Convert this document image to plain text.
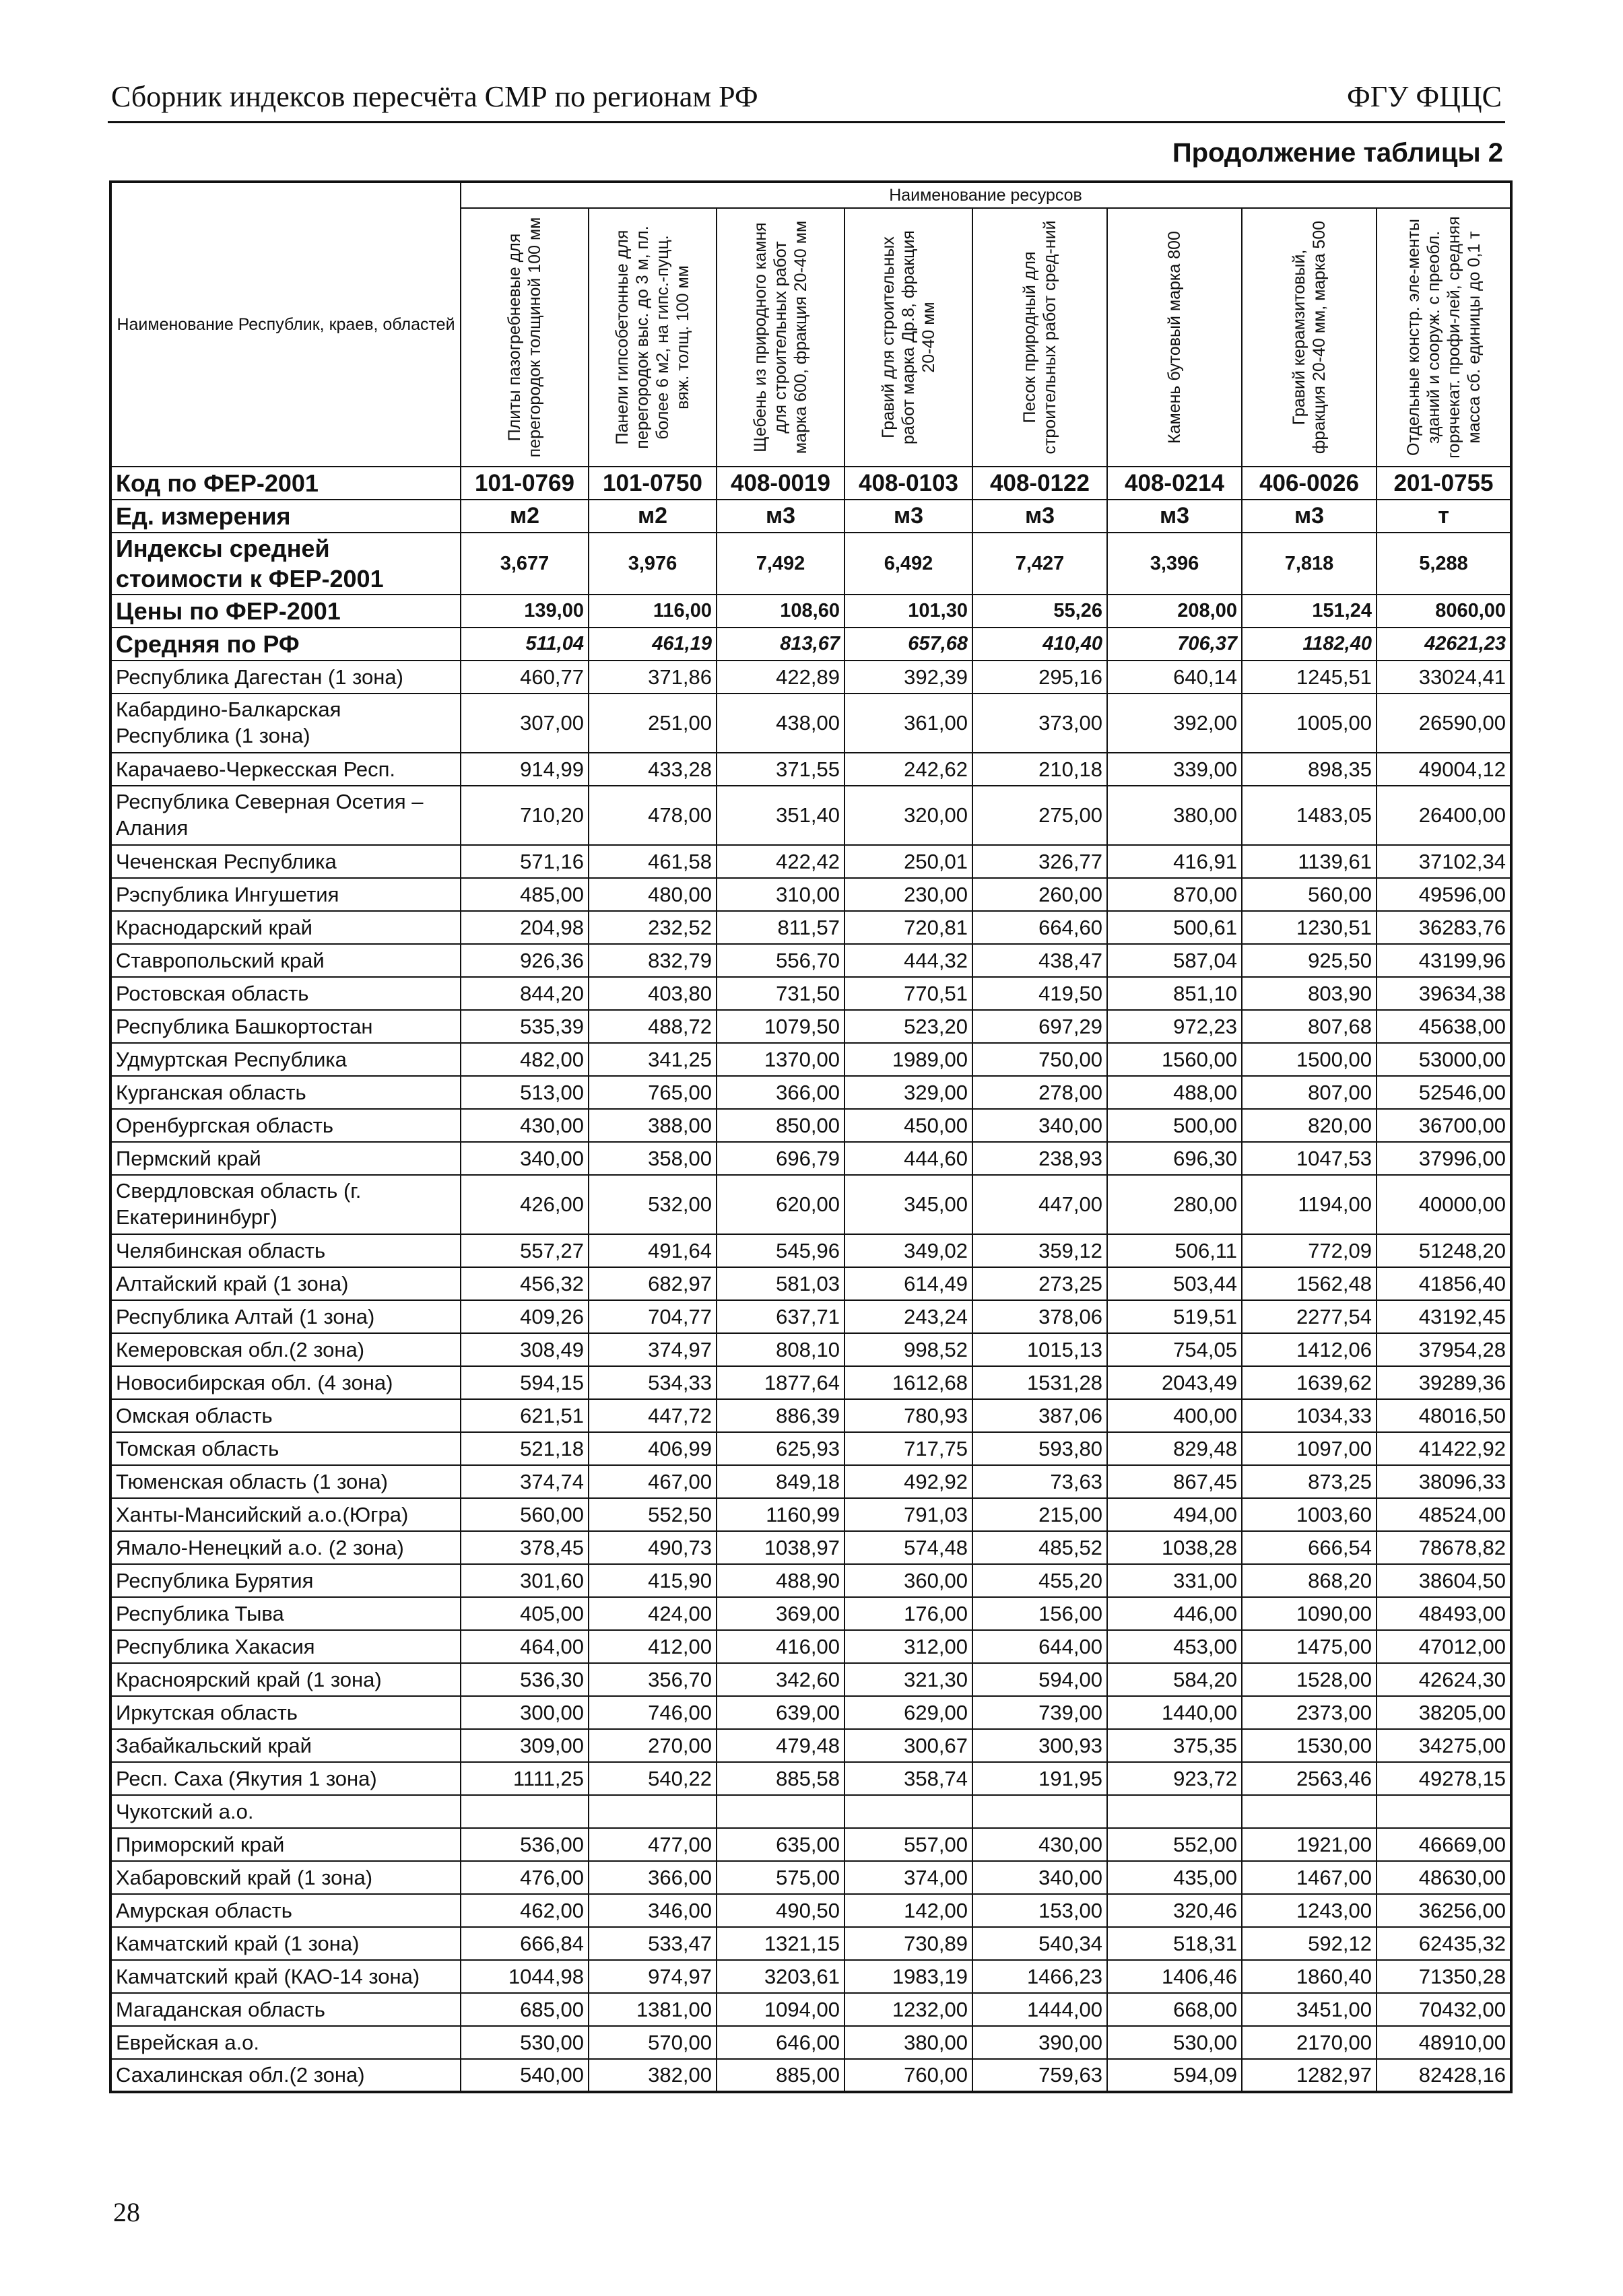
Сборник индексов пересчёта СМР по регионам РФ	ФГУ ФЦЦС
Продолжение таблицы 2
Наименование Республик, краев, областей	Наименование ресурсов							

	Плиты пазогребневые для перегородок толщиной 100 мм	Панели гипсобетонные для перегородок выс. до 3 м, пл. более 6 м2, на гипс.-пуцц. вяж. толщ. 100 мм	Щебень из природного камня для строительных работ марка 600, фракция 20-40 мм	Гравий для строительных работ марка Др.8, фракция 20-40 мм	Песок природный для строительных работ сред-ний	Камень бутовый марка 800	Гравий керамзитовый, фракция 20-40 мм, марка 500	Отдельные констр. эле-менты зданий и сооруж. с преобл. горячекат. профи-лей, средняя масса сб. единицы до 0,1 т

Код по ФЕР-2001	101-0769	101-0750	408-0019	408-0103	408-0122	408-0214	406-0026	201-0755
Ед. измерения	м2	м2	м3	м3	м3	м3	м3	т
Индексы средней стоимости к ФЕР-2001	3,677	3,976	7,492	6,492	7,427	3,396	7,818	5,288
Цены по ФЕР-2001	139,00	116,00	108,60	101,30	55,26	208,00	151,24	8060,00
Средняя по РФ	511,04	461,19	813,67	657,68	410,40	706,37	1182,40	42621,23
Республика Дагестан (1 зона)	460,77	371,86	422,89	392,39	295,16	640,14	1245,51	33024,41
Кабардино-Балкарская Республика (1 зона)	307,00	251,00	438,00	361,00	373,00	392,00	1005,00	26590,00
Карачаево-Черкесская Респ.	914,99	433,28	371,55	242,62	210,18	339,00	898,35	49004,12
Республика Северная Осетия – Алания	710,20	478,00	351,40	320,00	275,00	380,00	1483,05	26400,00
Чеченская Республика	571,16	461,58	422,42	250,01	326,77	416,91	1139,61	37102,34
Рэспублика Ингушетия	485,00	480,00	310,00	230,00	260,00	870,00	560,00	49596,00
Краснодарский край	204,98	232,52	811,57	720,81	664,60	500,61	1230,51	36283,76
Ставропольский край	926,36	832,79	556,70	444,32	438,47	587,04	925,50	43199,96
Ростовская область	844,20	403,80	731,50	770,51	419,50	851,10	803,90	39634,38
Республика Башкортостан	535,39	488,72	1079,50	523,20	697,29	972,23	807,68	45638,00
Удмуртская Республика	482,00	341,25	1370,00	1989,00	750,00	1560,00	1500,00	53000,00
Курганская область	513,00	765,00	366,00	329,00	278,00	488,00	807,00	52546,00
Оренбургская область	430,00	388,00	850,00	450,00	340,00	500,00	820,00	36700,00
Пермский край	340,00	358,00	696,79	444,60	238,93	696,30	1047,53	37996,00
Свердловская область (г. Екатерининбург)	426,00	532,00	620,00	345,00	447,00	280,00	1194,00	40000,00
Челябинская область	557,27	491,64	545,96	349,02	359,12	506,11	772,09	51248,20
Алтайский край (1 зона)	456,32	682,97	581,03	614,49	273,25	503,44	1562,48	41856,40
Республика Алтай (1 зона)	409,26	704,77	637,71	243,24	378,06	519,51	2277,54	43192,45
Кемеровская обл.(2 зона)	308,49	374,97	808,10	998,52	1015,13	754,05	1412,06	37954,28
Новосибирская обл. (4 зона)	594,15	534,33	1877,64	1612,68	1531,28	2043,49	1639,62	39289,36
Омская область	621,51	447,72	886,39	780,93	387,06	400,00	1034,33	48016,50
Томская область	521,18	406,99	625,93	717,75	593,80	829,48	1097,00	41422,92
Тюменская область (1 зона)	374,74	467,00	849,18	492,92	73,63	867,45	873,25	38096,33
Ханты-Мансийский а.о.(Югра)	560,00	552,50	1160,99	791,03	215,00	494,00	1003,60	48524,00
Ямало-Ненецкий а.о. (2 зона)	378,45	490,73	1038,97	574,48	485,52	1038,28	666,54	78678,82
Республика Бурятия	301,60	415,90	488,90	360,00	455,20	331,00	868,20	38604,50
Республика Тыва	405,00	424,00	369,00	176,00	156,00	446,00	1090,00	48493,00
Республика Хакасия	464,00	412,00	416,00	312,00	644,00	453,00	1475,00	47012,00
Красноярский край (1 зона)	536,30	356,70	342,60	321,30	594,00	584,20	1528,00	42624,30
Иркутская область	300,00	746,00	639,00	629,00	739,00	1440,00	2373,00	38205,00
Забайкальский край	309,00	270,00	479,48	300,67	300,93	375,35	1530,00	34275,00
Респ. Саха (Якутия 1 зона)	1111,25	540,22	885,58	358,74	191,95	923,72	2563,46	49278,15
Чукотский а.о.								
Приморский край	536,00	477,00	635,00	557,00	430,00	552,00	1921,00	46669,00
Хабаровский край (1 зона)	476,00	366,00	575,00	374,00	340,00	435,00	1467,00	48630,00
Амурская область	462,00	346,00	490,50	142,00	153,00	320,46	1243,00	36256,00
Камчатский край (1 зона)	666,84	533,47	1321,15	730,89	540,34	518,31	592,12	62435,32
Камчатский край (КАО-14 зона)	1044,98	974,97	3203,61	1983,19	1466,23	1406,46	1860,40	71350,28
Магаданская область	685,00	1381,00	1094,00	1232,00	1444,00	668,00	3451,00	70432,00
Еврейская а.о.	530,00	570,00	646,00	380,00	390,00	530,00	2170,00	48910,00
Сахалинская обл.(2 зона)	540,00	382,00	885,00	760,00	759,63	594,09	1282,97	82428,16
28
